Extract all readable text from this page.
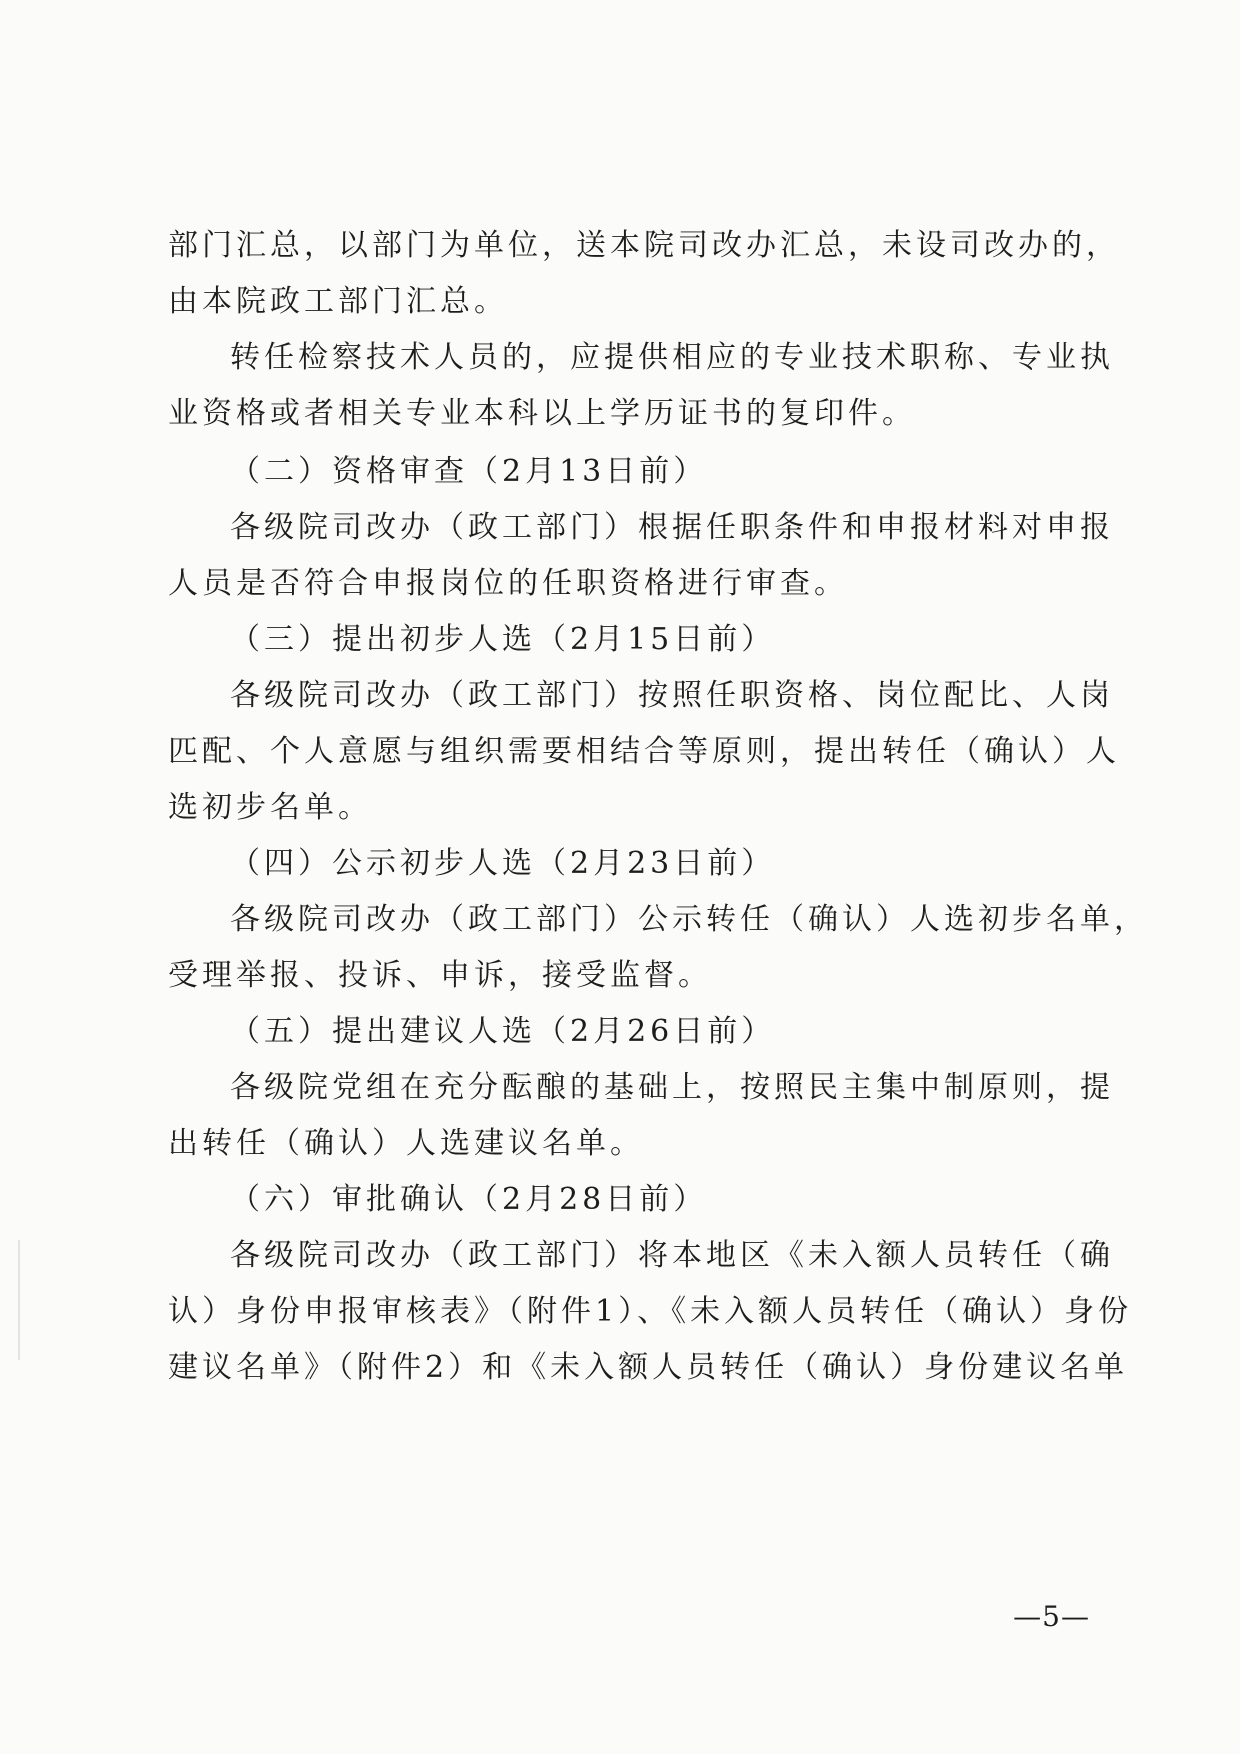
部门汇总，以部门为单位，送本院司改办汇总，未设司改办的，
由本院政工部门汇总。
转任检察技术人员的，应提供相应的专业技术职称、专业执
业资格或者相关专业本科以上学历证书的复印件。
（二）资格审查（2月13日前）
各级院司改办（政工部门）根据任职条件和申报材料对申报
人员是否符合申报岗位的任职资格进行审查。
（三）提出初步人选（2月15日前）
各级院司改办（政工部门）按照任职资格、岗位配比、人岗
匹配、个人意愿与组织需要相结合等原则，提出转任（确认）人
选初步名单。
（四）公示初步人选（2月23日前）
各级院司改办（政工部门）公示转任（确认）人选初步名单，
受理举报、投诉、申诉，接受监督。
（五）提出建议人选（2月26日前）
各级院党组在充分酝酿的基础上，按照民主集中制原则，提
出转任（确认）人选建议名单。
（六）审批确认（2月28日前）
各级院司改办（政工部门）将本地区《未入额人员转任（确
认）身份申报审核表》（附件1）、《未入额人员转任（确认）身份
建议名单》（附件2）和《未入额人员转任（确认）身份建议名单
—5—
